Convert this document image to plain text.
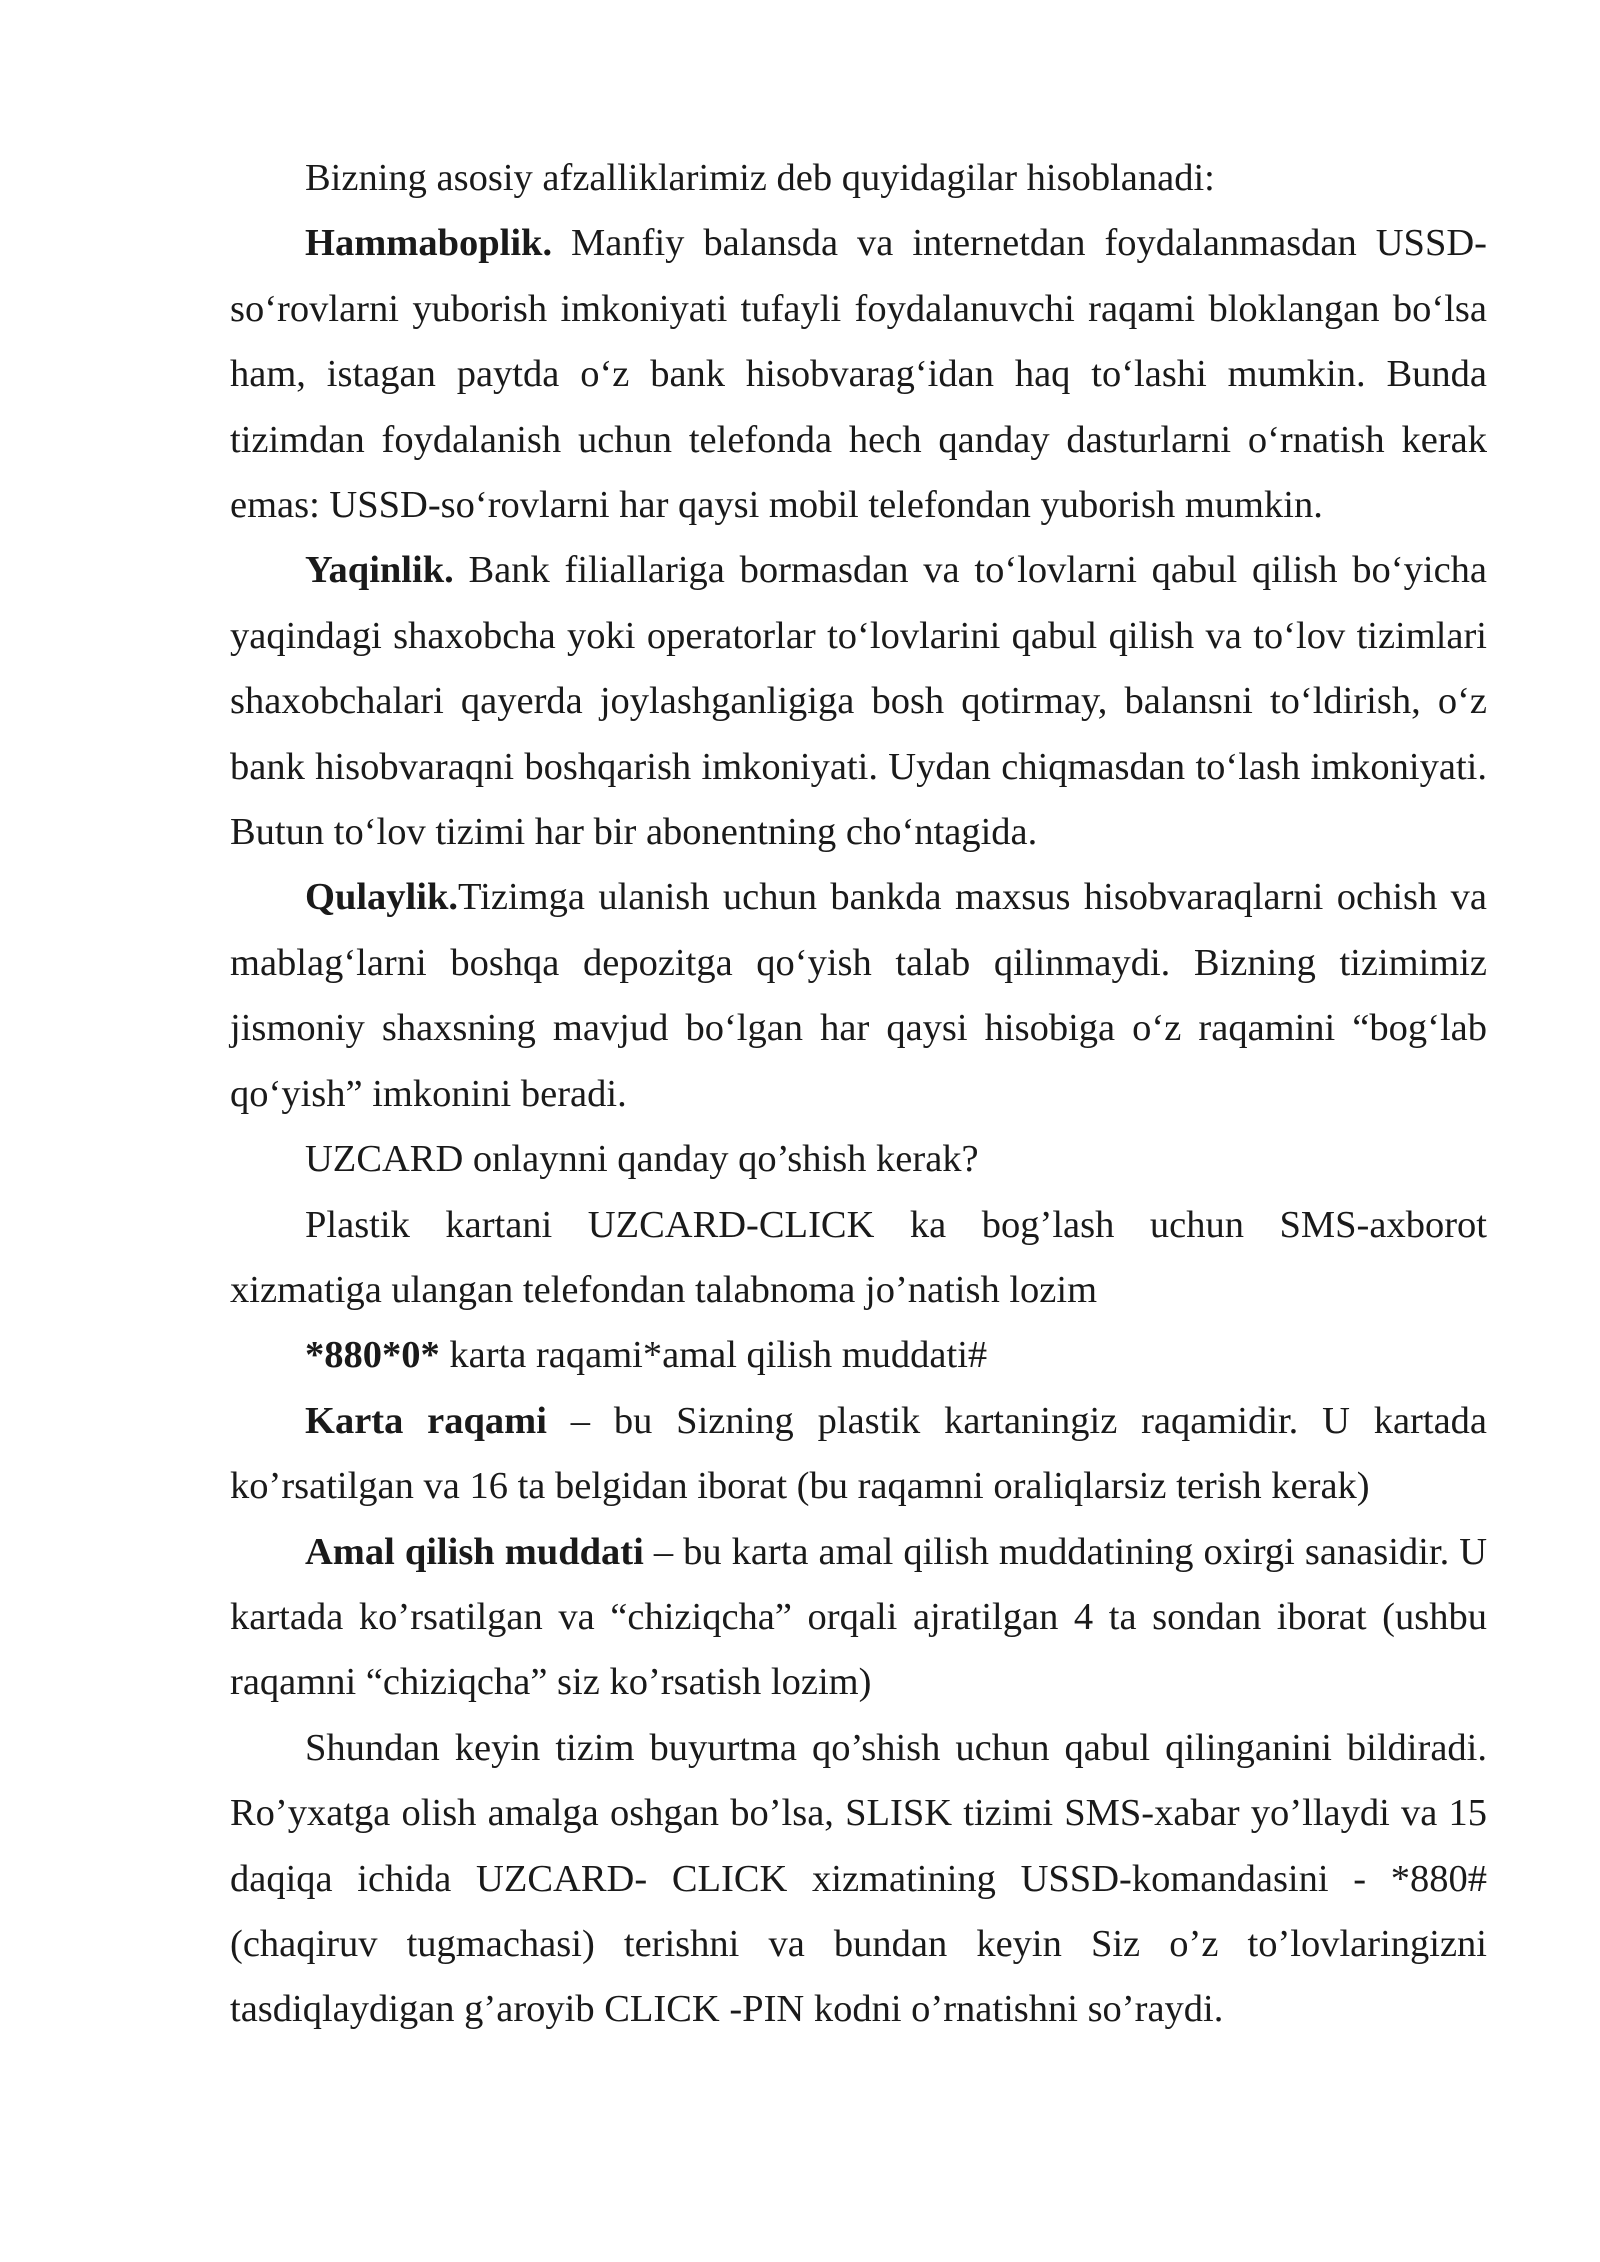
Bizning asosiy afzalliklarimiz deb quyidagilar hisoblanadi:

Hammaboplik. Manfiy balansda va internetdan foydalanmasdan USSD-so‘rovlarni yuborish imkoniyati tufayli foydalanuvchi raqami bloklangan bo‘lsa ham, istagan paytda o‘z bank hisobvarag‘idan haq to‘lashi mumkin. Bunda tizimdan foydalanish uchun telefonda hech qanday dasturlarni o‘rnatish kerak emas: USSD-so‘rovlarni har qaysi mobil telefondan yuborish mumkin.

Yaqinlik. Bank filiallariga bormasdan va to‘lovlarni qabul qilish bo‘yicha yaqindagi shaxobcha yoki operatorlar to‘lovlarini qabul qilish va to‘lov tizimlari shaxobchalari qayerda joylashganligiga bosh qotirmay, balansni to‘ldirish, o‘z bank hisobvaraqni boshqarish imkoniyati. Uydan chiqmasdan to‘lash imkoniyati. Butun to‘lov tizimi har bir abonentning cho‘ntagida.

Qulaylik.Tizimga ulanish uchun bankda maxsus hisobvaraqlarni ochish va mablag‘larni boshqa depozitga qo‘yish talab qilinmaydi. Bizning tizimimiz jismoniy shaxsning mavjud bo‘lgan har qaysi hisobiga o‘z raqamini “bog‘lab qo‘yish” imkonini beradi.

UZCARD onlaynni qanday qo’shish kerak?

Plastik kartani UZCARD-CLICK ka bog’lash uchun SMS-axborot xizmatiga ulangan telefondan talabnoma jo’natish lozim

*880*0* karta raqami*amal qilish muddati#

Karta raqami – bu Sizning plastik kartaningiz raqamidir. U kartada ko’rsatilgan va 16 ta belgidan iborat (bu raqamni oraliqlarsiz terish kerak)

Amal qilish muddati – bu karta amal qilish muddatining oxirgi sanasidir. U kartada ko’rsatilgan va “chiziqcha” orqali ajratilgan 4 ta sondan iborat (ushbu raqamni “chiziqcha” siz ko’rsatish lozim)

Shundan keyin tizim buyurtma qo’shish uchun qabul qilinganini bildiradi. Ro’yxatga olish amalga oshgan bo’lsa, SLISK tizimi SMS-xabar yo’llaydi va 15 daqiqa ichida UZCARD- CLICK xizmatining USSD-komandasini - *880# (chaqiruv tugmachasi) terishni va bundan keyin Siz o’z to’lovlaringizni tasdiqlaydigan g’aroyib CLICK -PIN kodni o’rnatishni so’raydi.
